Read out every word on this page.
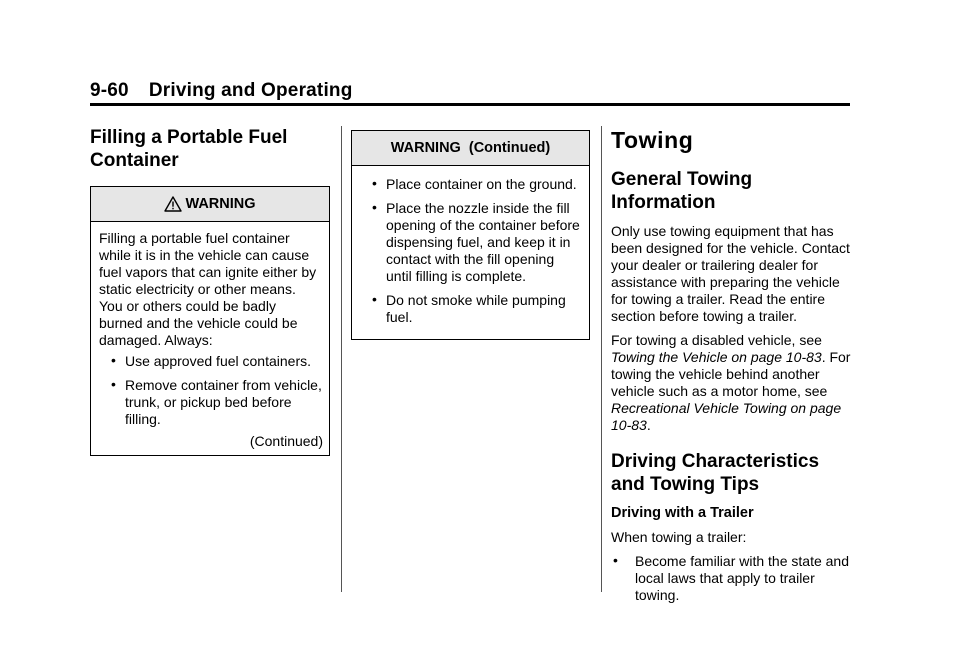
9-60 Driving and Operating
Filling a Portable Fuel Container
WARNING

Filling a portable fuel container while it is in the vehicle can cause fuel vapors that can ignite either by static electricity or other means. You or others could be badly burned and the vehicle could be damaged. Always:

• Use approved fuel containers.
• Remove container from vehicle, trunk, or pickup bed before filling.
(Continued)
WARNING  (Continued)
• Place container on the ground.
• Place the nozzle inside the fill opening of the container before dispensing fuel, and keep it in contact with the fill opening until filling is complete.
• Do not smoke while pumping fuel.
Towing
General Towing Information

Only use towing equipment that has been designed for the vehicle. Contact your dealer or trailering dealer for assistance with preparing the vehicle for towing a trailer. Read the entire section before towing a trailer.

For towing a disabled vehicle, see Towing the Vehicle on page 10-83. For towing the vehicle behind another vehicle such as a motor home, see Recreational Vehicle Towing on page 10-83.

Driving Characteristics and Towing Tips
Driving with a Trailer

When towing a trailer:

• Become familiar with the state and local laws that apply to trailer towing.
